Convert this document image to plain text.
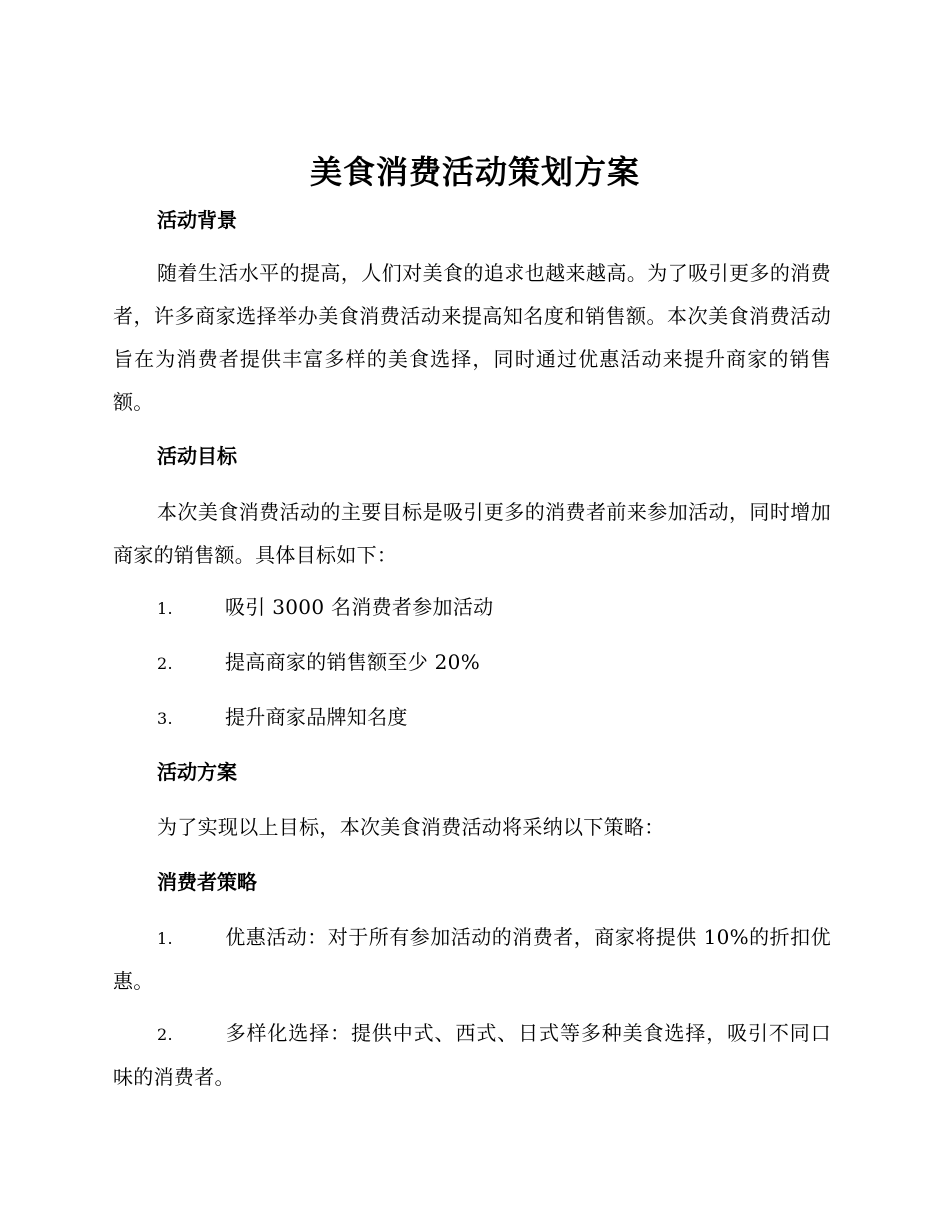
美食消费活动策划方案
活动背景
随着生活水平的提高，人们对美食的追求也越来越高。为了吸引更多的消费者，许多商家选择举办美食消费活动来提高知名度和销售额。本次美食消费活动旨在为消费者提供丰富多样的美食选择，同时通过优惠活动来提升商家的销售额。
活动目标
本次美食消费活动的主要目标是吸引更多的消费者前来参加活动，同时增加商家的销售额。具体目标如下：
1.	吸引 3000 名消费者参加活动
2.	提高商家的销售额至少 20%
3.	提升商家品牌知名度
活动方案
为了实现以上目标，本次美食消费活动将采纳以下策略：
消费者策略
1.	优惠活动：对于所有参加活动的消费者，商家将提供 10%的折扣优惠。
2.	多样化选择：提供中式、西式、日式等多种美食选择，吸引不同口味的消费者。
